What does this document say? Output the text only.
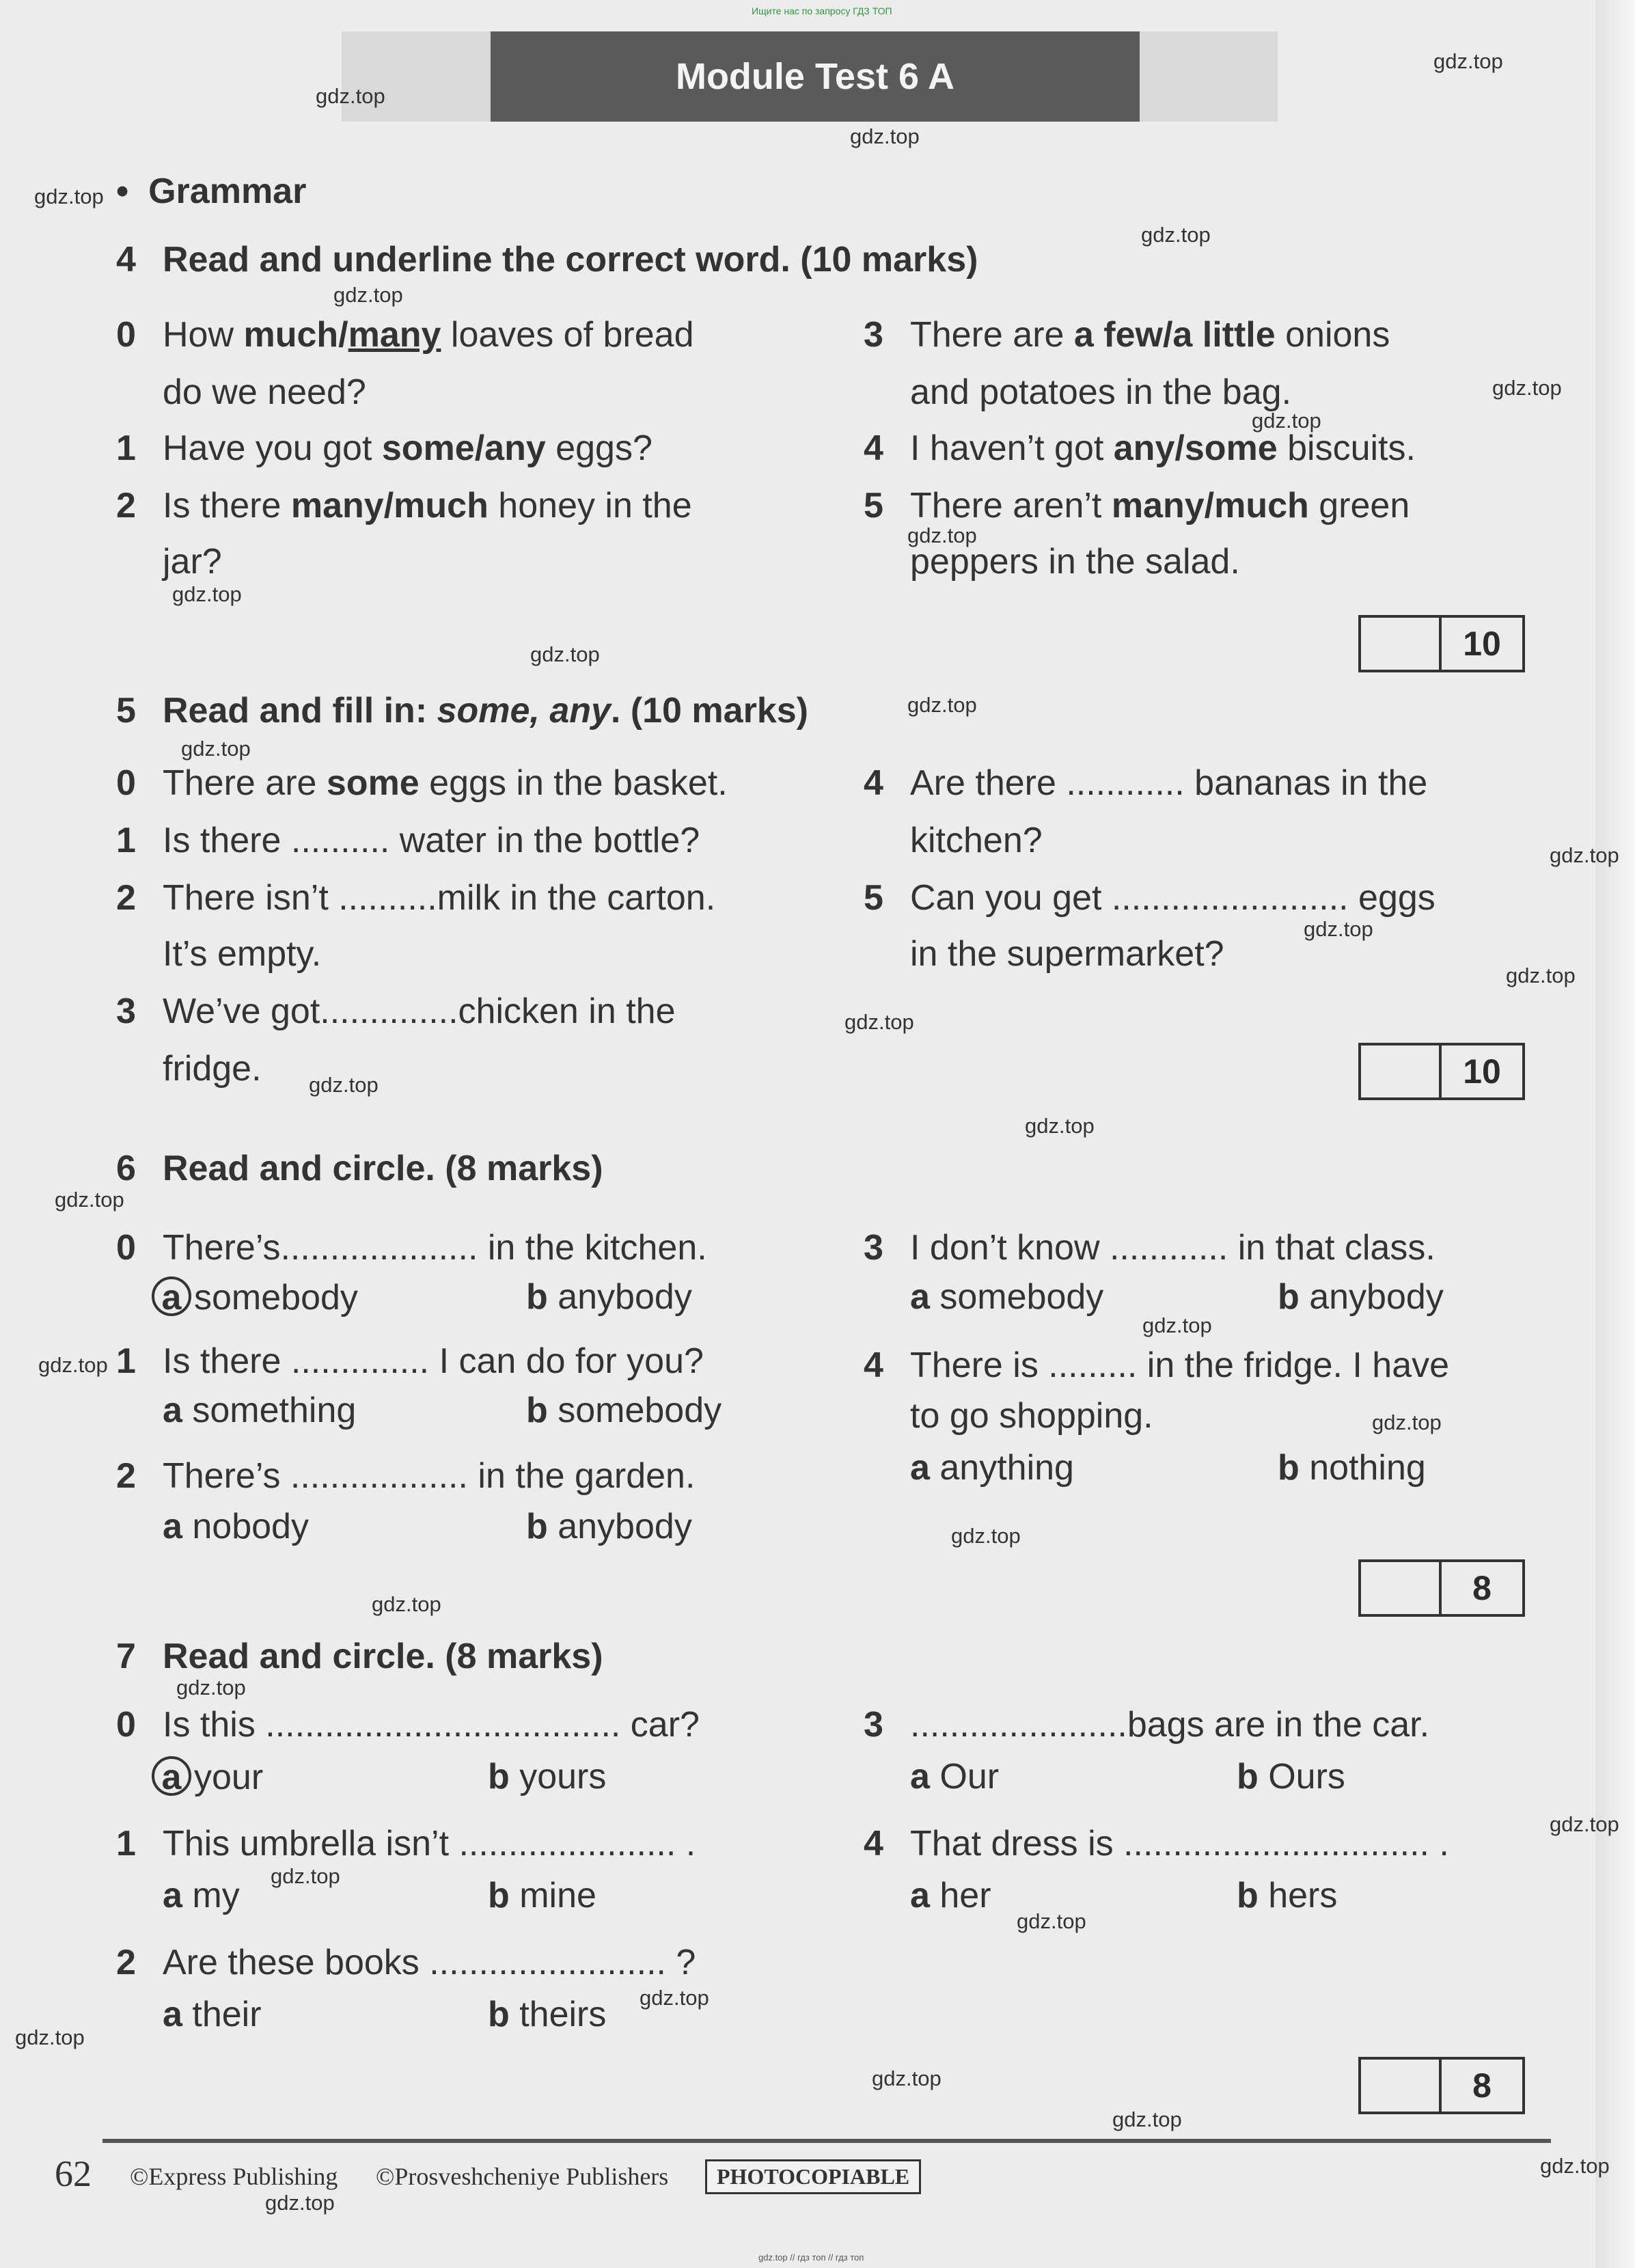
Ищите нас по запросу ГДЗ ТОП
Module Test 6 A	gdz.top
gdz.top
gdz.top
gdz.top
gdz.top
gdz.top
gdz.top
gdz.top
gdz.top
gdz.top
gdz.top
gdz.top
gdz.top
gdz.top
gdz.top
gdz.top
gdz.top
gdz.top
gdz.top
gdz.top
gdz.top
gdz.top
gdz.top
gdz.top
gdz.top
gdz.top
gdz.top
gdz.top
gdz.top
gdz.top
gdz.top
gdz.top
gdz.top
gdz.top
gdz.top
•  Grammar
4 Read and underline the correct word. (10 marks)
0 How much/many loaves of bread
do we need?
1 Have you got some/any eggs?
2 Is there many/much honey in the
jar?
3 There are a few/a little onions
and potatoes in the bag.
4 I haven’t got any/some biscuits.
5 There aren’t many/much green
peppers in the salad.
10
5 Read and fill in: some, any. (10 marks)
0 There are some eggs in the basket.
1 Is there .......... water in the bottle?
2 There isn’t ..........milk in the carton.
It’s empty.
3 We’ve got..............chicken in the
fridge.
4 Are there ............ bananas in the
kitchen?
5 Can you get ........................ eggs
in the supermarket?
10
6 Read and circle. (8 marks)
0 There’s.................... in the kitchen.
a somebody	b anybody
1 Is there .............. I can do for you?
a something	b somebody
2 There’s .................. in the garden.
a nobody	b anybody
3 I don’t know ............ in that class.
a somebody	b anybody
4 There is ......... in the fridge. I have
to go shopping.
a anything	b nothing
8
7 Read and circle. (8 marks)
0 Is this .................................... car?
a your	b yours
1 This umbrella isn’t ...................... .
a my	b mine
2 Are these books ........................ ?
a their	b theirs
3 ......................bags are in the car.
a Our	b Ours
4 That dress is ............................... .
a her	b hers
8
62 ©Express Publishing ©Prosveshcheniye Publishers	PHOTOCOPIABLE
gdz.top // гдз топ // гдз топ
